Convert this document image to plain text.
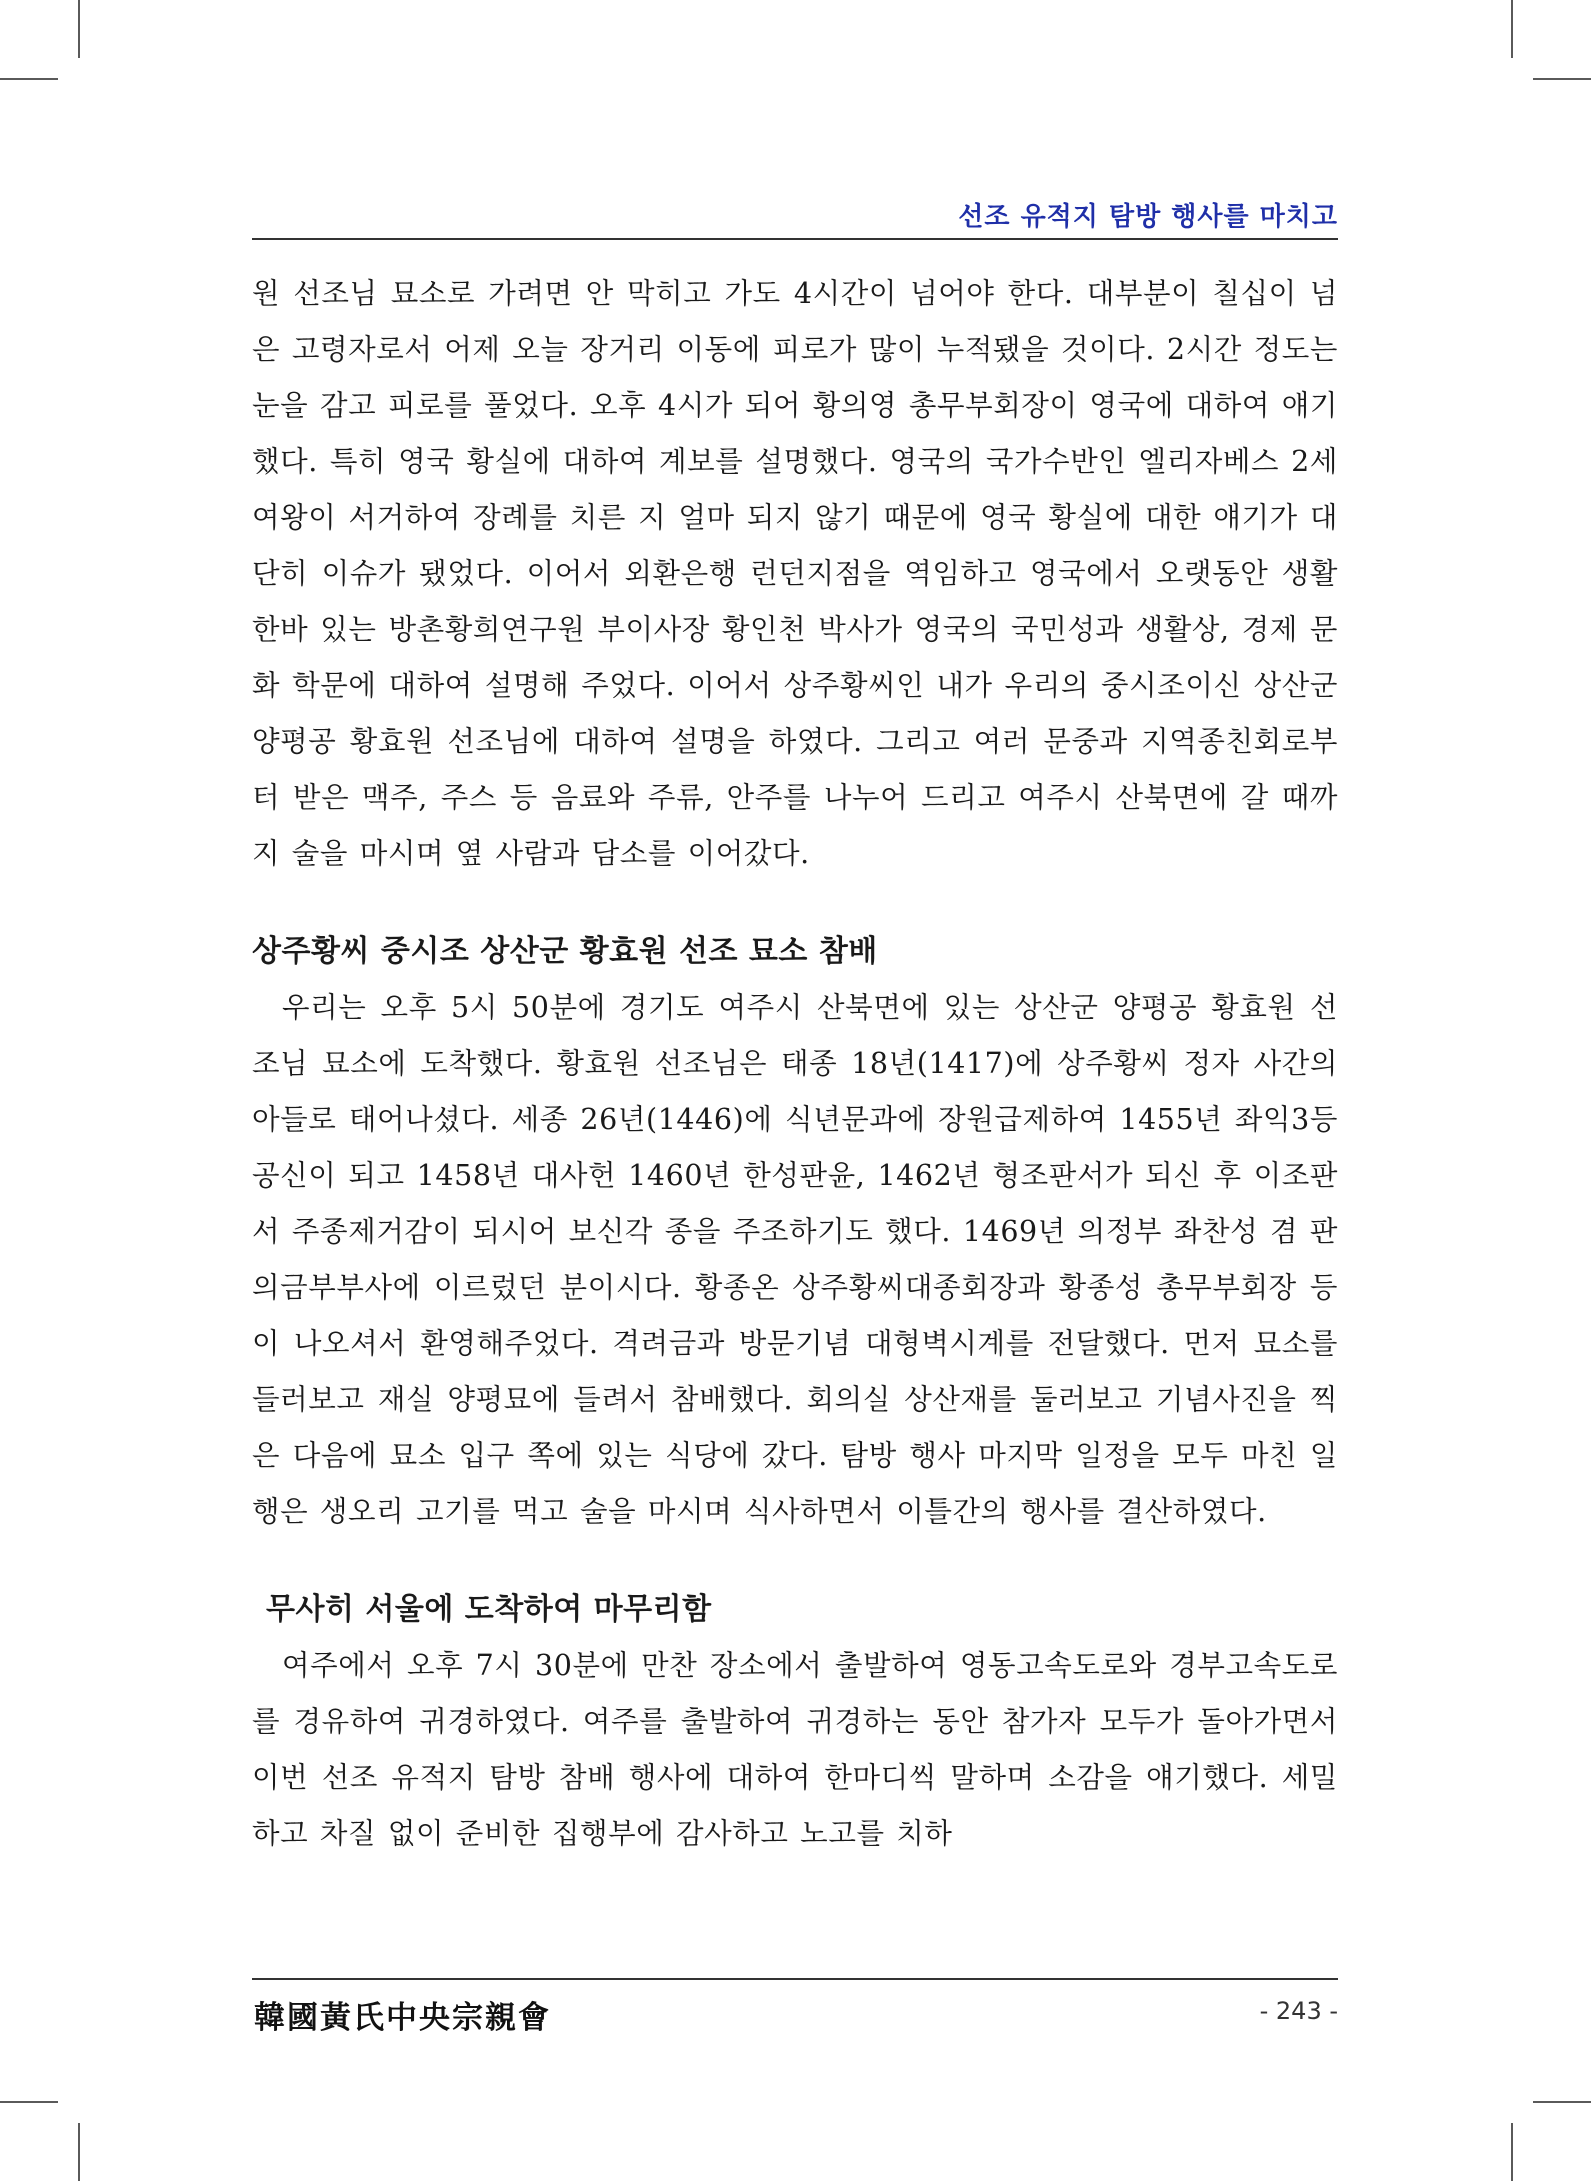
선조 유적지 탐방 행사를 마치고

원 선조님 묘소로 가려면 안 막히고 가도 4시간이 넘어야 한다. 대부분이 칠십이 넘은 고령자로서 어제 오늘 장거리 이동에 피로가 많이 누적됐을 것이다. 2시간 정도는 눈을 감고 피로를 풀었다. 오후 4시가 되어 황의영 총무부회장이 영국에 대하여 얘기했다. 특히 영국 황실에 대하여 계보를 설명했다. 영국의 국가수반인 엘리자베스 2세 여왕이 서거하여 장례를 치른 지 얼마 되지 않기 때문에 영국 황실에 대한 얘기가 대단히 이슈가 됐었다. 이어서 외환은행 런던지점을 역임하고 영국에서 오랫동안 생활한바 있는 방촌황희연구원 부이사장 황인천 박사가 영국의 국민성과 생활상, 경제 문화 학문에 대하여 설명해 주었다. 이어서 상주황씨인 내가 우리의 중시조이신 상산군 양평공 황효원 선조님에 대하여 설명을 하였다. 그리고 여러 문중과 지역종친회로부터 받은 맥주, 주스 등 음료와 주류, 안주를 나누어 드리고 여주시 산북면에 갈 때까지 술을 마시며 옆 사람과 담소를 이어갔다.

상주황씨 중시조 상산군 황효원 선조 묘소 참배

우리는 오후 5시 50분에 경기도 여주시 산북면에 있는 상산군 양평공 황효원 선조님 묘소에 도착했다. 황효원 선조님은 태종 18년(1417)에 상주황씨 정자 사간의 아들로 태어나셨다. 세종 26년(1446)에 식년문과에 장원급제하여 1455년 좌익3등 공신이 되고 1458년 대사헌 1460년 한성판윤, 1462년 형조판서가 되신 후 이조판서 주종제거감이 되시어 보신각 종을 주조하기도 했다. 1469년 의정부 좌찬성 겸 판의금부부사에 이르렀던 분이시다. 황종온 상주황씨대종회장과 황종성 총무부회장 등이 나오셔서 환영해주었다. 격려금과 방문기념 대형벽시계를 전달했다. 먼저 묘소를 들러보고 재실 양평묘에 들려서 참배했다. 회의실 상산재를 둘러보고 기념사진을 찍은 다음에 묘소 입구 쪽에 있는 식당에 갔다. 탐방 행사 마지막 일정을 모두 마친 일행은 생오리 고기를 먹고 술을 마시며 식사하면서 이틀간의 행사를 결산하였다.

무사히 서울에 도착하여 마무리함

여주에서 오후 7시 30분에 만찬 장소에서 출발하여 영동고속도로와 경부고속도로를 경유하여 귀경하였다. 여주를 출발하여 귀경하는 동안 참가자 모두가 돌아가면서 이번 선조 유적지 탐방 참배 행사에 대하여 한마디씩 말하며 소감을 얘기했다. 세밀하고 차질 없이 준비한 집행부에 감사하고 노고를 치하

韓國黃氏中央宗親會	- 243 -
